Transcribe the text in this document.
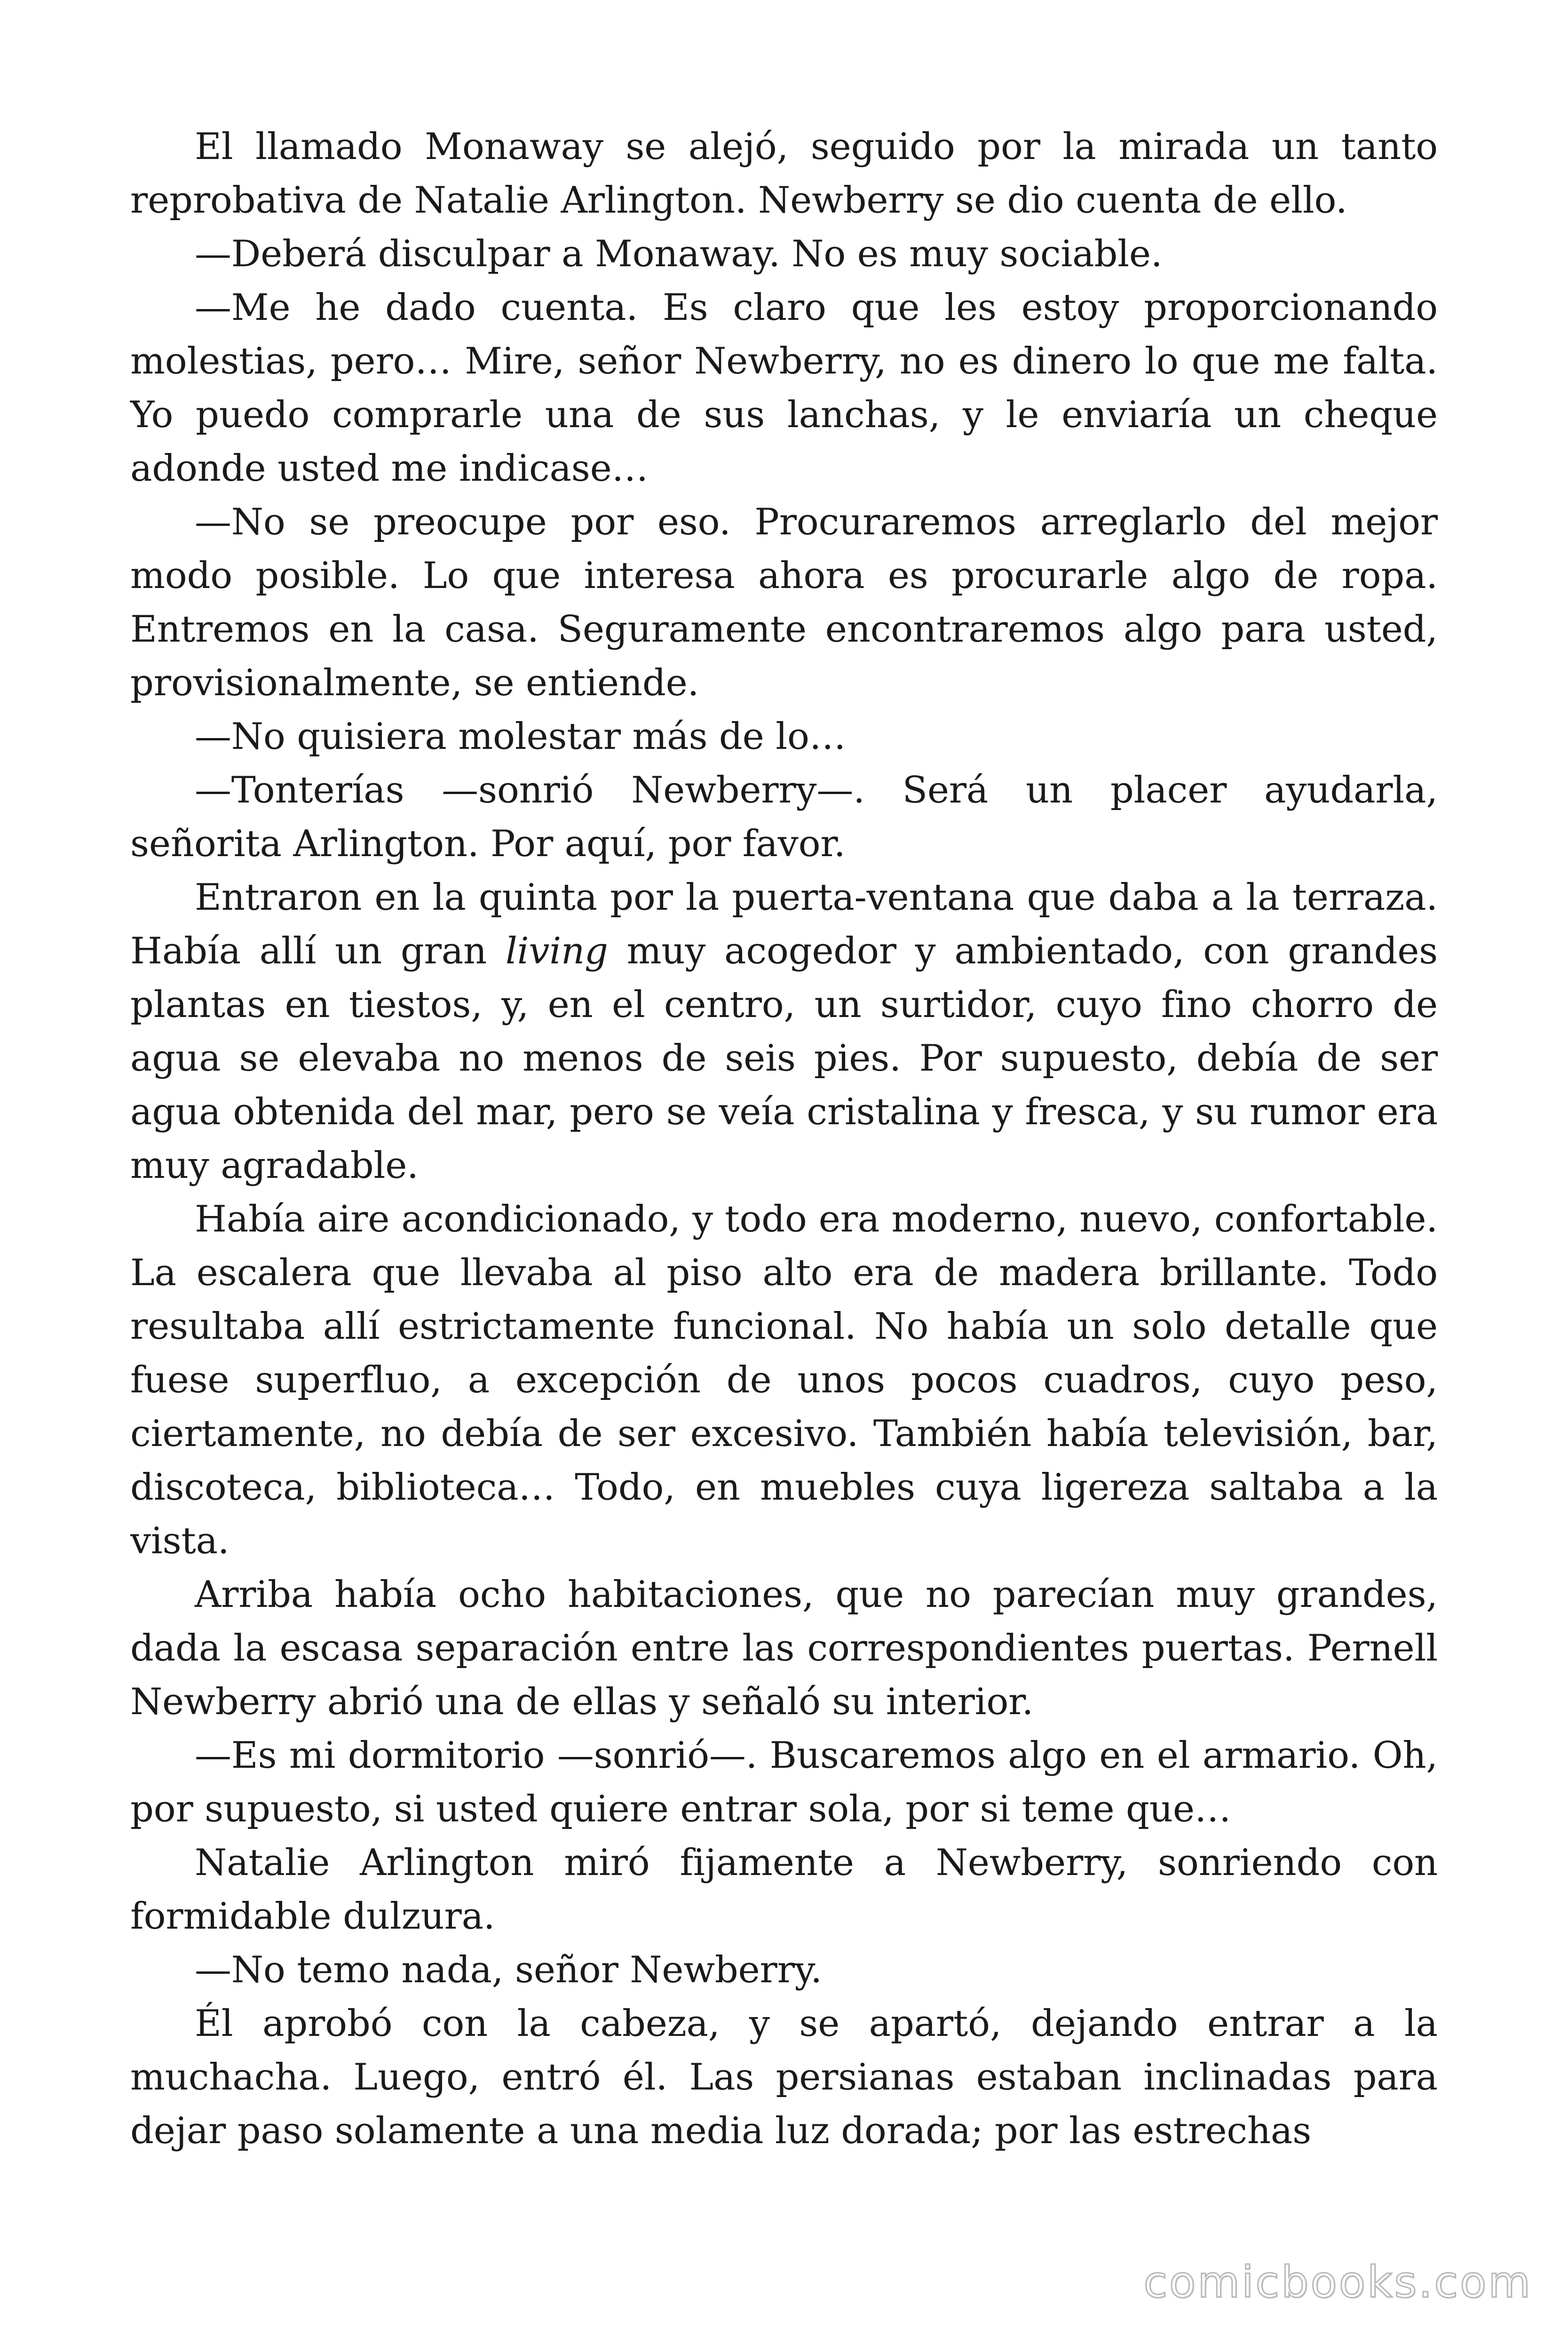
El llamado Monaway se alejó, seguido por la mirada un tanto reprobativa de Natalie Arlington. Newberry se dio cuenta de ello.

—Deberá disculpar a Monaway. No es muy sociable.

—Me he dado cuenta. Es claro que les estoy proporcionando molestias, pero… Mire, señor Newberry, no es dinero lo que me falta. Yo puedo comprarle una de sus lanchas, y le enviaría un cheque adonde usted me indicase…

—No se preocupe por eso. Procuraremos arreglarlo del mejor modo posible. Lo que interesa ahora es procurarle algo de ropa. Entremos en la casa. Seguramente encontraremos algo para usted, provisionalmente, se entiende.

—No quisiera molestar más de lo…

—Tonterías —sonrió Newberry—. Será un placer ayudarla, señorita Arlington. Por aquí, por favor.

Entraron en la quinta por la puerta-ventana que daba a la terraza. Había allí un gran living muy acogedor y ambientado, con grandes plantas en tiestos, y, en el centro, un surtidor, cuyo fino chorro de agua se elevaba no menos de seis pies. Por supuesto, debía de ser agua obtenida del mar, pero se veía cristalina y fresca, y su rumor era muy agradable.

Había aire acondicionado, y todo era moderno, nuevo, confortable. La escalera que llevaba al piso alto era de madera brillante. Todo resultaba allí estrictamente funcional. No había un solo detalle que fuese superfluo, a excepción de unos pocos cuadros, cuyo peso, ciertamente, no debía de ser excesivo. También había televisión, bar, discoteca, biblioteca… Todo, en muebles cuya ligereza saltaba a la vista.

Arriba había ocho habitaciones, que no parecían muy grandes, dada la escasa separación entre las correspondientes puertas. Pernell Newberry abrió una de ellas y señaló su interior.

—Es mi dormitorio —sonrió—. Buscaremos algo en el armario. Oh, por supuesto, si usted quiere entrar sola, por si teme que…

Natalie Arlington miró fijamente a Newberry, sonriendo con formidable dulzura.

—No temo nada, señor Newberry.

Él aprobó con la cabeza, y se apartó, dejando entrar a la muchacha. Luego, entró él. Las persianas estaban inclinadas para dejar paso solamente a una media luz dorada; por las estrechas

comicbooks.com
